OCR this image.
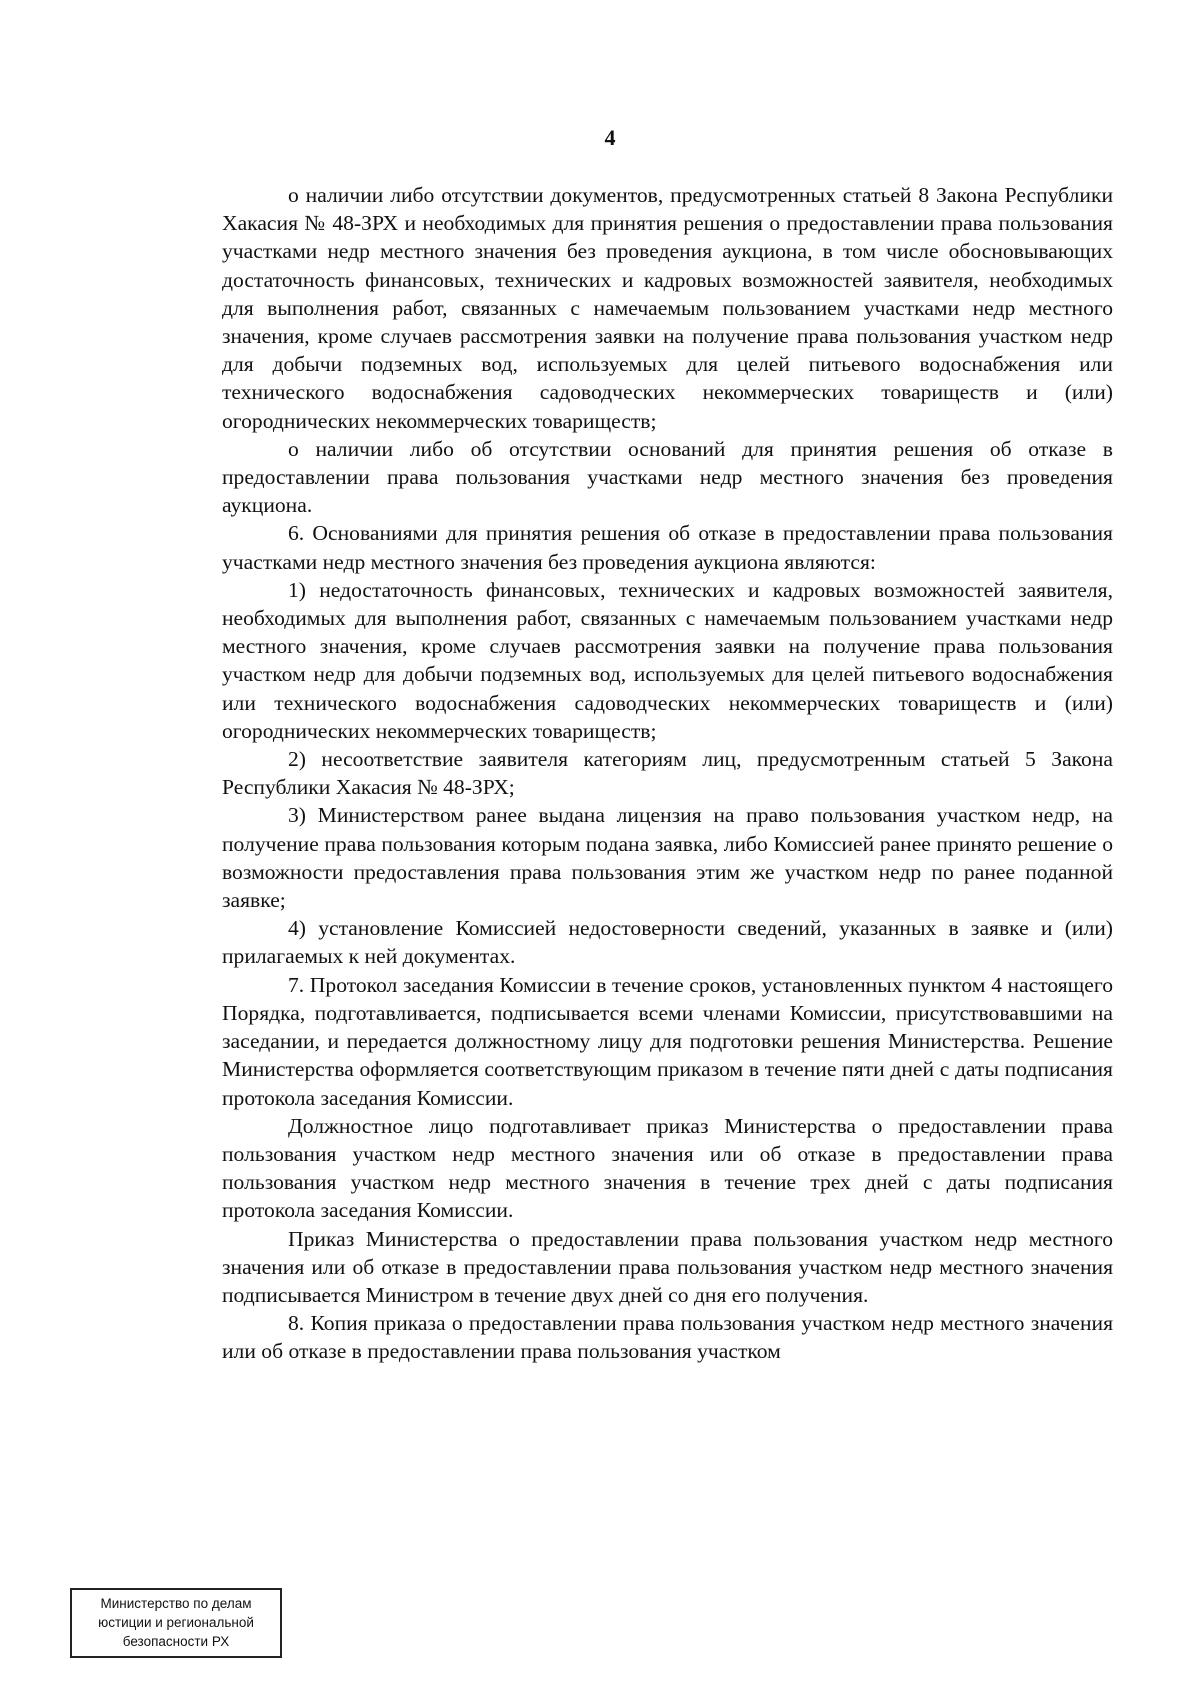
4

о наличии либо отсутствии документов, предусмотренных статьей 8 Закона Республики Хакасия № 48-ЗРХ и необходимых для принятия решения о предоставлении права пользования участками недр местного значения без проведения аукциона, в том числе обосновывающих достаточность финансовых, технических и кадровых возможностей заявителя, необходимых для выполнения работ, связанных с намечаемым пользованием участками недр местного значения, кроме случаев рассмотрения заявки на получение права пользования участком недр для добычи подземных вод, используемых для целей питьевого водоснабжения или технического водоснабжения садоводческих некоммерческих товариществ и (или) огороднических некоммерческих товариществ;

о наличии либо об отсутствии оснований для принятия решения об отказе в предоставлении права пользования участками недр местного значения без проведения аукциона.

6. Основаниями для принятия решения об отказе в предоставлении права пользования участками недр местного значения без проведения аукциона являются:

1) недостаточность финансовых, технических и кадровых возможностей заявителя, необходимых для выполнения работ, связанных с намечаемым пользованием участками недр местного значения, кроме случаев рассмотрения заявки на получение права пользования участком недр для добычи подземных вод, используемых для целей питьевого водоснабжения или технического водоснабжения садоводческих некоммерческих товариществ и (или) огороднических некоммерческих товариществ;

2) несоответствие заявителя категориям лиц, предусмотренным статьей 5 Закона Республики Хакасия № 48-ЗРХ;

3) Министерством ранее выдана лицензия на право пользования участком недр, на получение права пользования которым подана заявка, либо Комиссией ранее принято решение о возможности предоставления права пользования этим же участком недр по ранее поданной заявке;

4) установление Комиссией недостоверности сведений, указанных в заявке и (или) прилагаемых к ней документах.

7. Протокол заседания Комиссии в течение сроков, установленных пунктом 4 настоящего Порядка, подготавливается, подписывается всеми членами Комиссии, присутствовавшими на заседании, и передается должностному лицу для подготовки решения Министерства. Решение Министерства оформляется соответствующим приказом в течение пяти дней с даты подписания протокола заседания Комиссии.

Должностное лицо подготавливает приказ Министерства о предоставлении права пользования участком недр местного значения или об отказе в предоставлении права пользования участком недр местного значения в течение трех дней с даты подписания протокола заседания Комиссии.

Приказ Министерства о предоставлении права пользования участком недр местного значения или об отказе в предоставлении права пользования участком недр местного значения подписывается Министром в течение двух дней со дня его получения.

8. Копия приказа о предоставлении права пользования участком недр местного значения или об отказе в предоставлении права пользования участком

Министерство по делам
юстиции и региональной
безопасности РХ
